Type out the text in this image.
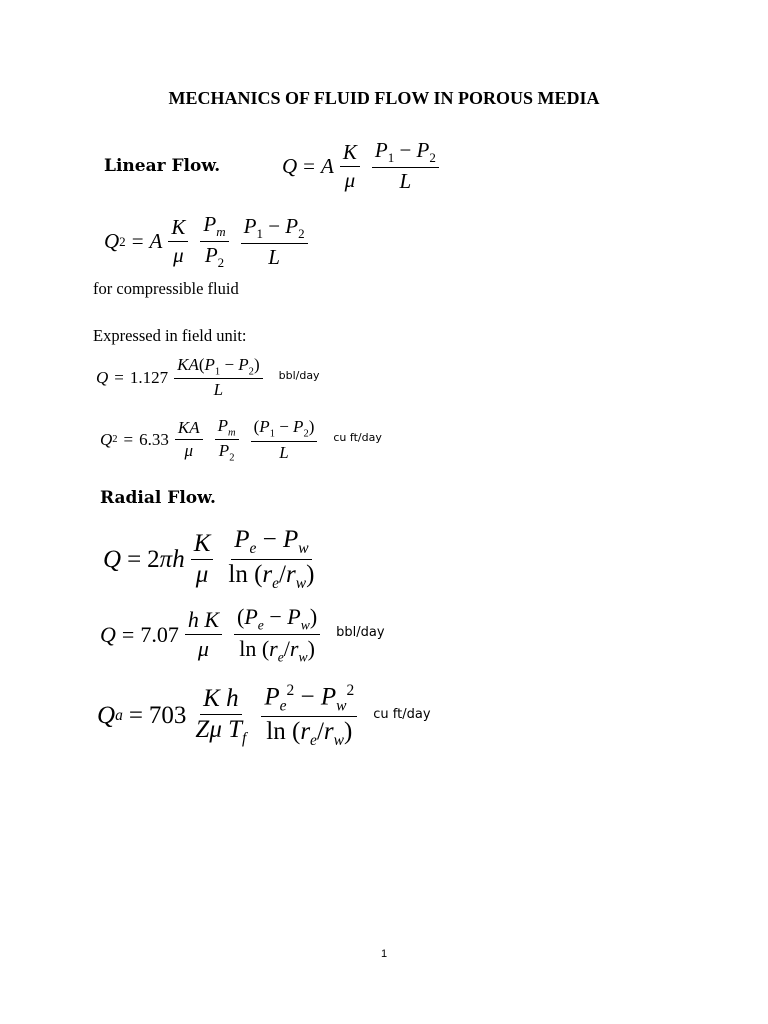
MECHANICS OF FLUID FLOW IN POROUS MEDIA
Linear Flow.	Q = A $\frac{K}{\mu} \frac{P_1 - P_2}{L}$
Q 2 = A $\frac{K}{\mu} \frac{P_m}{P_2} \frac{P_1 - P_2}{L}$
for compressible fluid
Expressed in field unit:
$Q = 1.127 \frac{KA(P_1 - P_2)}{L} bbl/day$
Q $2 = 6.33 \frac{KA}{\mu} \frac{P_m}{P_2} \frac{(P_1 - P_2)}{L}$ cu ft/day
Radial Flow.
$Q = 2\pi h \frac{K}{\mu} \frac{P_e - P_w}{\ln (r_e/r_w)}$
$Q = 7.07 \frac{\text{h K}}{\mu} \frac{(P_e - P_w)}{\ln (r_e/r_w)} bbl/day$
Q $a = 703 \frac{\text{K h}}{Z\mu T_f} \frac{P_e^2 - P_w^2}{\ln (r_e/r_w)}$ cu ft/day
1
